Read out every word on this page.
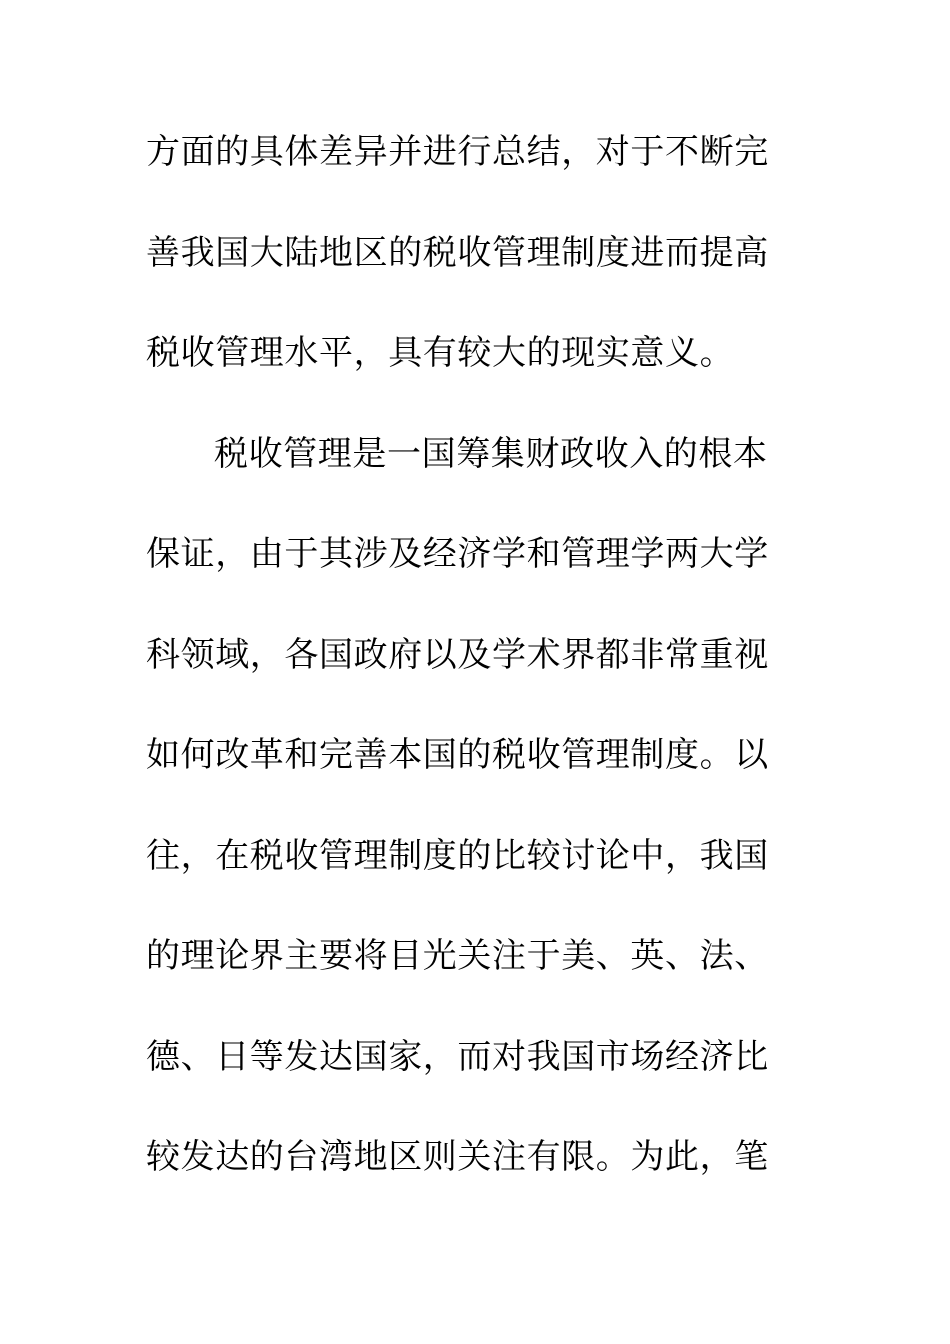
方面的具体差异并进行总结，对于不断完
善我国大陆地区的税收管理制度进而提高
税收管理水平，具有较大的现实意义。
税收管理是一国筹集财政收入的根本
保证，由于其涉及经济学和管理学两大学
科领域，各国政府以及学术界都非常重视
如何改革和完善本国的税收管理制度。以
往，在税收管理制度的比较讨论中，我国
的理论界主要将目光关注于美、英、法、
德、日等发达国家，而对我国市场经济比
较发达的台湾地区则关注有限。为此，笔
